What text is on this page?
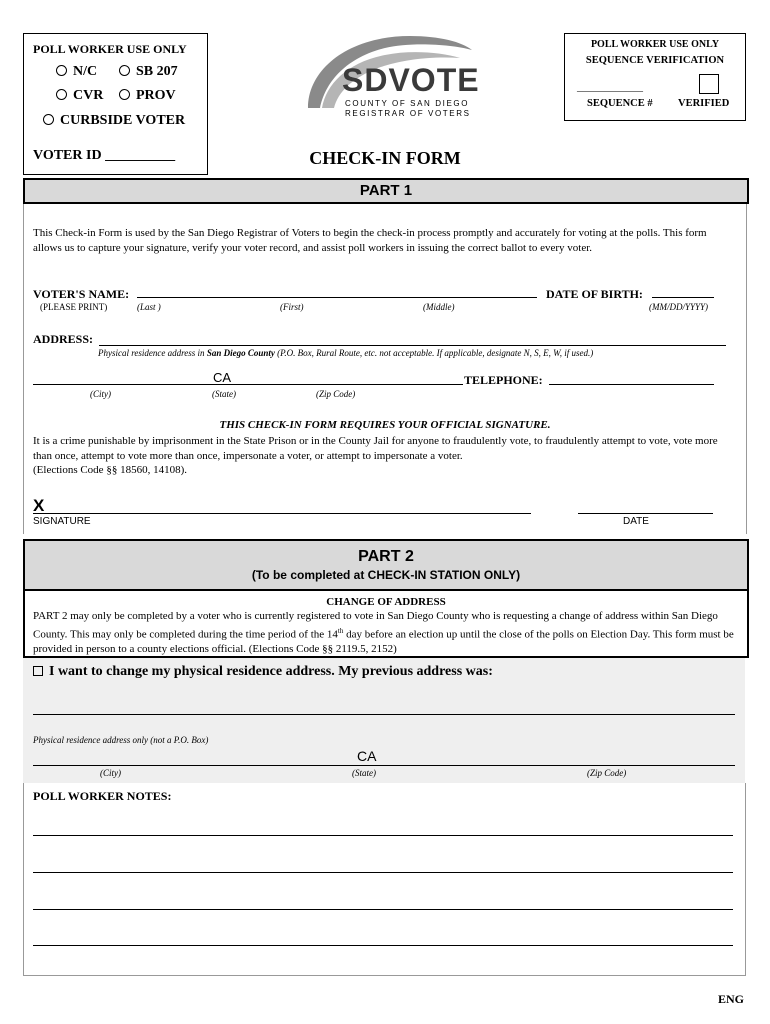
POLL WORKER USE ONLY
N/C	SB 207
CVR	PROV
CURBSIDE VOTER
VOTER ID __________
SDVOTE
COUNTY OF SAN DIEGO
REGISTRAR OF VOTERS
POLL WORKER USE ONLY
SEQUENCE VERIFICATION
____________
SEQUENCE # VERIFIED
CHECK-IN FORM
PART 1
This Check-in Form is used by the San Diego Registrar of Voters to begin the check-in process promptly and accurately for voting at the polls. This form allows us to capture your signature, verify your voter record, and assist poll workers in issuing the correct ballot to every voter.
VOTER'S NAME:	DATE OF BIRTH:
(PLEASE PRINT)	(Last )	(First)	(Middle)	(MM/DD/YYYY)
ADDRESS:
Physical residence address in San Diego County (P.O. Box, Rural Route, etc. not acceptable. If applicable, designate N, S, E, W, if used.)
CA	TELEPHONE:
(City)	(State)	(Zip Code)
THIS CHECK-IN FORM REQUIRES YOUR OFFICIAL SIGNATURE.
It is a crime punishable by imprisonment in the State Prison or in the County Jail for anyone to fraudulently vote, to fraudulently attempt to vote, vote more than once, attempt to vote more than once, impersonate a voter, or attempt to impersonate a voter.
(Elections Code §§ 18560, 14108).
X
SIGNATURE	DATE
PART 2
(To be completed at CHECK-IN STATION ONLY)
CHANGE OF ADDRESS
PART 2 may only be completed by a voter who is currently registered to vote in San Diego County who is requesting a change of address within San Diego County. This may only be completed during the time period of the 14th day before an election up until the close of the polls on Election Day. This form must be provided in person to a county elections official. (Elections Code §§ 2119.5, 2152)
I want to change my physical residence address. My previous address was:
Physical residence address only (not a P.O. Box)
CA
(City)	(State)	(Zip Code)
POLL WORKER NOTES:
ENG
